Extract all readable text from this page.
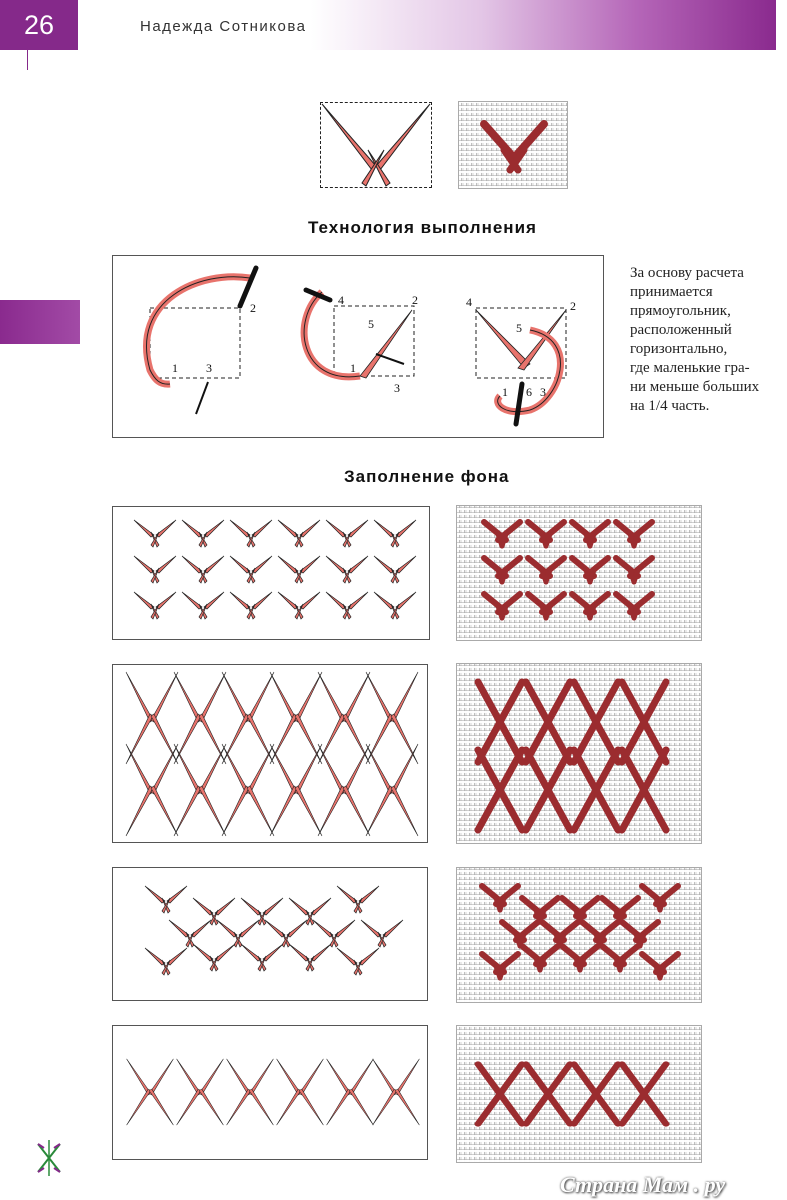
26	Надежда Сотникова
Технология выполнения
За основу расчета
принимается
прямоугольник,
расположенный
горизонтально,
где маленькие гра-
ни меньше больших
на 1/4 часть.
Заполнение фона
2
1 3
4	2
5
1
3
4	2
5
1 6 3
Страна Мам . ру
